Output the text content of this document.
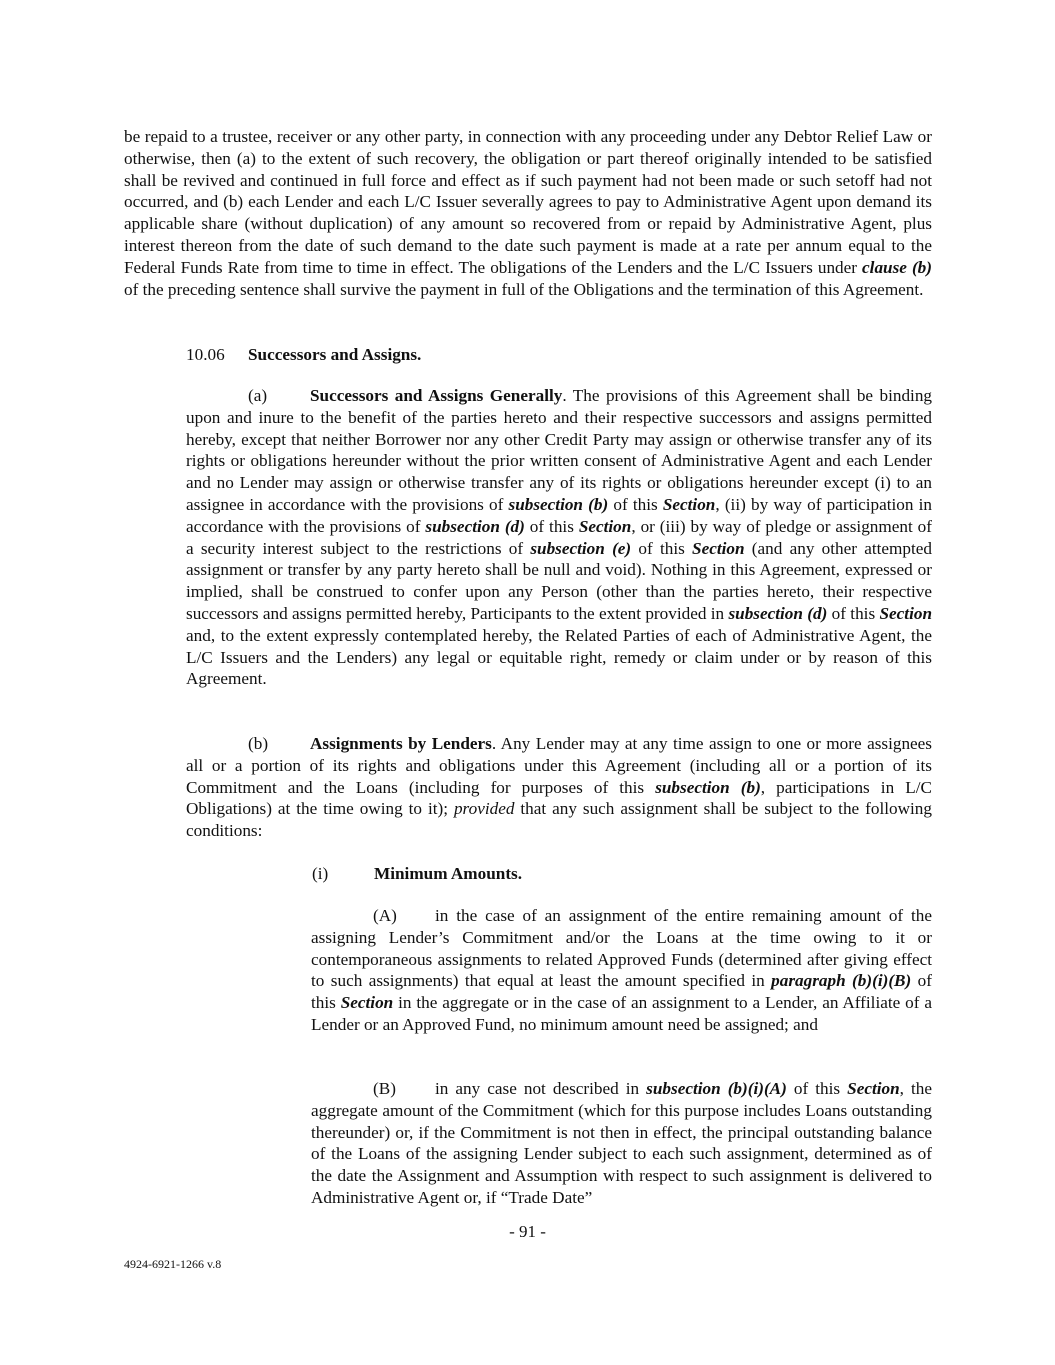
be repaid to a trustee, receiver or any other party, in connection with any proceeding under any Debtor Relief Law or otherwise, then (a) to the extent of such recovery, the obligation or part thereof originally intended to be satisfied shall be revived and continued in full force and effect as if such payment had not been made or such setoff had not occurred, and (b) each Lender and each L/C Issuer severally agrees to pay to Administrative Agent upon demand its applicable share (without duplication) of any amount so recovered from or repaid by Administrative Agent, plus interest thereon from the date of such demand to the date such payment is made at a rate per annum equal to the Federal Funds Rate from time to time in effect. The obligations of the Lenders and the L/C Issuers under clause (b) of the preceding sentence shall survive the payment in full of the Obligations and the termination of this Agreement.

10.06 Successors and Assigns.

(a) Successors and Assigns Generally. The provisions of this Agreement shall be binding upon and inure to the benefit of the parties hereto and their respective successors and assigns permitted hereby, except that neither Borrower nor any other Credit Party may assign or otherwise transfer any of its rights or obligations hereunder without the prior written consent of Administrative Agent and each Lender and no Lender may assign or otherwise transfer any of its rights or obligations hereunder except (i) to an assignee in accordance with the provisions of subsection (b) of this Section, (ii) by way of participation in accordance with the provisions of subsection (d) of this Section, or (iii) by way of pledge or assignment of a security interest subject to the restrictions of subsection (e) of this Section (and any other attempted assignment or transfer by any party hereto shall be null and void). Nothing in this Agreement, expressed or implied, shall be construed to confer upon any Person (other than the parties hereto, their respective successors and assigns permitted hereby, Participants to the extent provided in subsection (d) of this Section and, to the extent expressly contemplated hereby, the Related Parties of each of Administrative Agent, the L/C Issuers and the Lenders) any legal or equitable right, remedy or claim under or by reason of this Agreement.

(b) Assignments by Lenders. Any Lender may at any time assign to one or more assignees all or a portion of its rights and obligations under this Agreement (including all or a portion of its Commitment and the Loans (including for purposes of this subsection (b), participations in L/C Obligations) at the time owing to it); provided that any such assignment shall be subject to the following conditions:

(i)	Minimum Amounts.

(A) in the case of an assignment of the entire remaining amount of the assigning Lender’s Commitment and/or the Loans at the time owing to it or contemporaneous assignments to related Approved Funds (determined after giving effect to such assignments) that equal at least the amount specified in paragraph (b)(i)(B) of this Section in the aggregate or in the case of an assignment to a Lender, an Affiliate of a Lender or an Approved Fund, no minimum amount need be assigned; and

(B) in any case not described in subsection (b)(i)(A) of this Section, the aggregate amount of the Commitment (which for this purpose includes Loans outstanding thereunder) or, if the Commitment is not then in effect, the principal outstanding balance of the Loans of the assigning Lender subject to each such assignment, determined as of the date the Assignment and Assumption with respect to such assignment is delivered to Administrative Agent or, if “Trade Date”

- 91 -
4924-6921-1266 v.8
